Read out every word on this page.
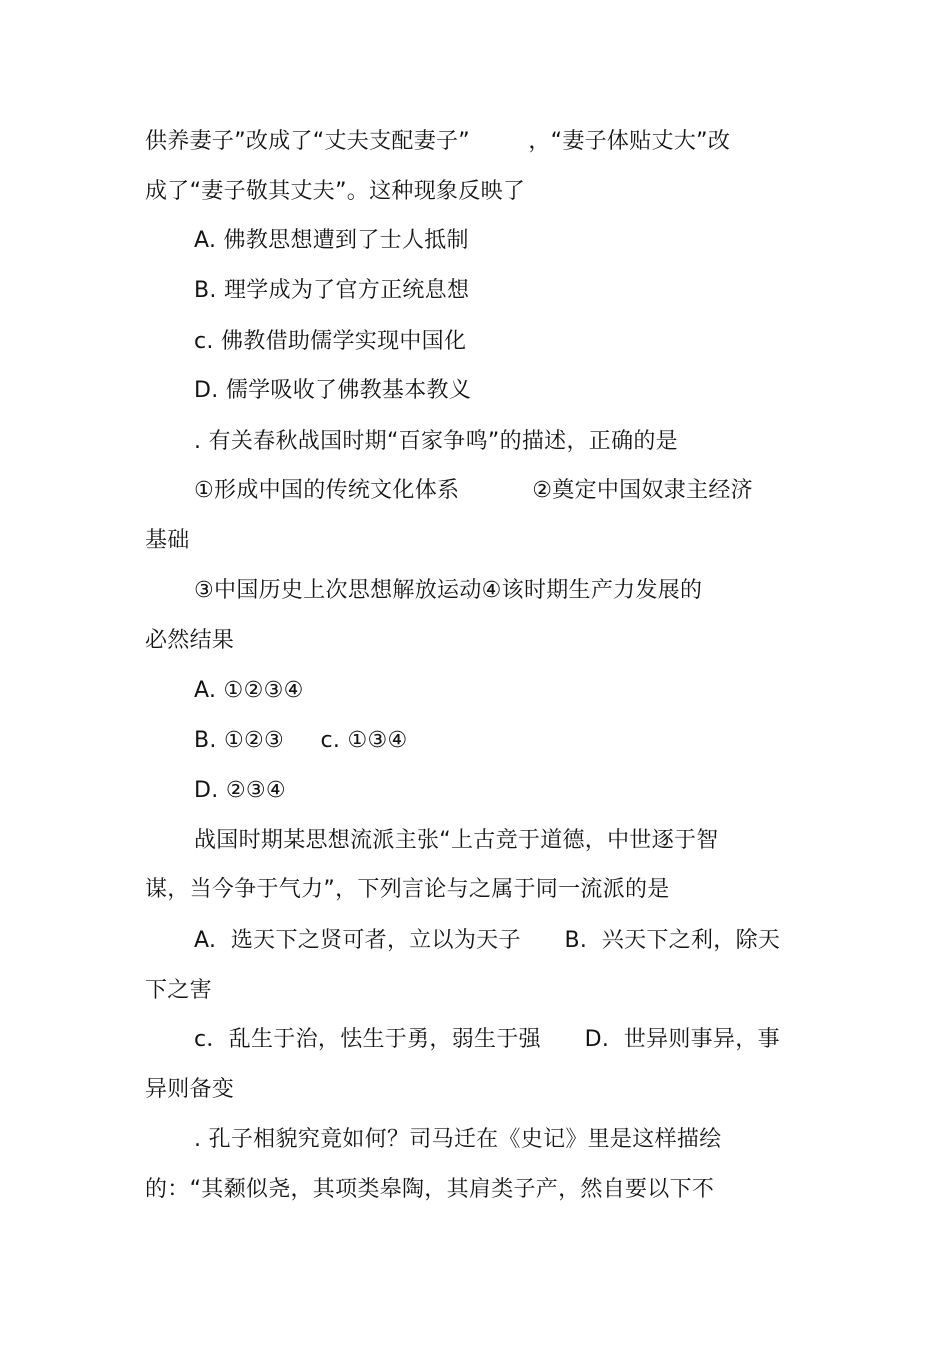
供养妻子”改成了“丈夫支配妻子”        ，“妻子体贴丈大”改
成了“妻子敬其丈夫”。这种现象反映了
A. 佛教思想遭到了士人抵制
B. 理学成为了官方正统息想
c. 佛教借助儒学实现中国化
D. 儒学吸收了佛教基本教义
. 有关春秋战国时期“百家争鸣”的描述，正确的是
①形成中国的传统文化体系          ②奠定中国奴隶主经济
基础
③中国历史上次思想解放运动④该时期生产力发展的
必然结果
A. ①②③④
B. ①②③     c. ①③④
D. ②③④
战国时期某思想流派主张“上古竞于道德，中世逐于智
谋，当今争于气力”，下列言论与之属于同一流派的是
A.  选天下之贤可者，立以为天子      B.  兴天下之利，除天
下之害
c．乱生于治，怯生于勇，弱生于强      D.  世异则事异，事
异则备变
. 孔子相貌究竟如何？司马迁在《史记》里是这样描绘
的：“其颡似尧，其项类皋陶，其肩类子产，然自要以下不
